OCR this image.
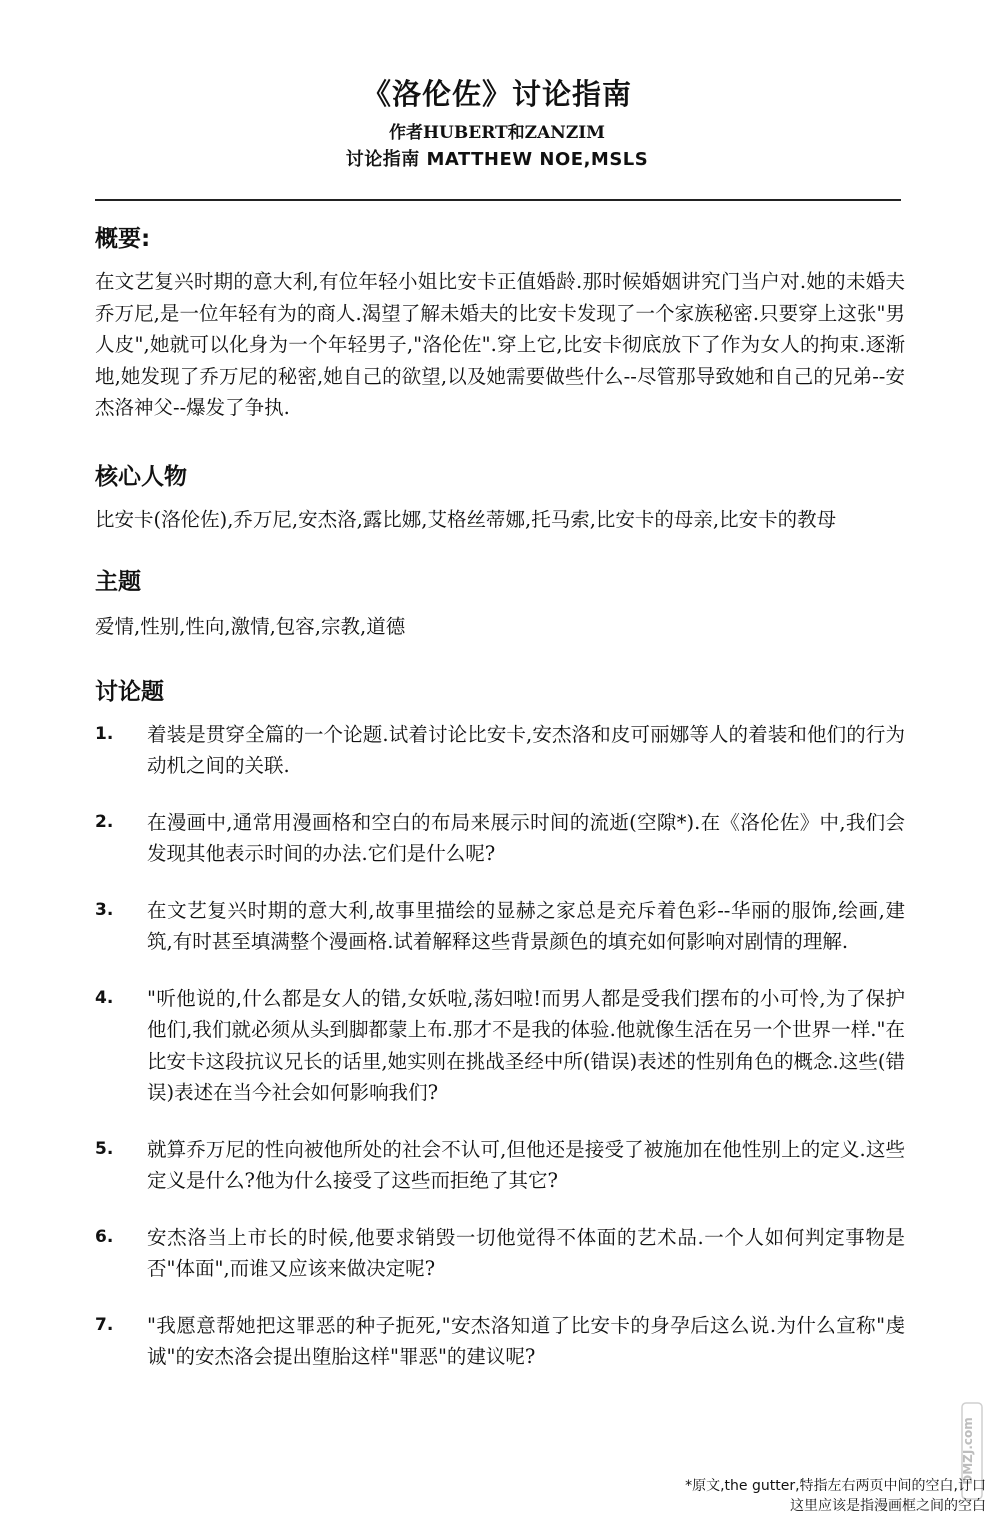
《洛伦佐》讨论指南
作者HUBERT和ZANZIM
讨论指南 MATTHEW NOE,MSLS
概要:

在文艺复兴时期的意大利,有位年轻小姐比安卡正值婚龄.那时候婚姻讲究门当户对.她的未婚夫乔万尼,是一位年轻有为的商人.渴望了解未婚夫的比安卡发现了一个家族秘密.只要穿上这张"男人皮",她就可以化身为一个年轻男子,"洛伦佐".穿上它,比安卡彻底放下了作为女人的拘束.逐渐地,她发现了乔万尼的秘密,她自己的欲望,以及她需要做些什么--尽管那导致她和自己的兄弟--安杰洛神父--爆发了争执.

核心人物

比安卡(洛伦佐),乔万尼,安杰洛,露比娜,艾格丝蒂娜,托马索,比安卡的母亲,比安卡的教母

主题

爱情,性别,性向,激情,包容,宗教,道德

讨论题
1.	着装是贯穿全篇的一个论题.试着讨论比安卡,安杰洛和皮可丽娜等人的着装和他们的行为动机之间的关联.
2.	在漫画中,通常用漫画格和空白的布局来展示时间的流逝(空隙*).在《洛伦佐》中,我们会发现其他表示时间的办法.它们是什么呢?
3.	在文艺复兴时期的意大利,故事里描绘的显赫之家总是充斥着色彩--华丽的服饰,绘画,建筑,有时甚至填满整个漫画格.试着解释这些背景颜色的填充如何影响对剧情的理解.
4.	"听他说的,什么都是女人的错,女妖啦,荡妇啦!而男人都是受我们摆布的小可怜,为了保护他们,我们就必须从头到脚都蒙上布.那才不是我的体验.他就像生活在另一个世界一样."在比安卡这段抗议兄长的话里,她实则在挑战圣经中所(错误)表述的性别角色的概念.这些(错误)表述在当今社会如何影响我们?
5.	就算乔万尼的性向被他所处的社会不认可,但他还是接受了被施加在他性别上的定义.这些定义是什么?他为什么接受了这些而拒绝了其它?
6.	安杰洛当上市长的时候,他要求销毁一切他觉得不体面的艺术品.一个人如何判定事物是否"体面",而谁又应该来做决定呢?
7.	"我愿意帮她把这罪恶的种子扼死,"安杰洛知道了比安卡的身孕后这么说.为什么宣称"虔诚"的安杰洛会提出堕胎这样"罪恶"的建议呢?
DMZJ.com
*原文,the gutter,特指左右两页中间的空白,订口
这里应该是指漫画框之间的空白
